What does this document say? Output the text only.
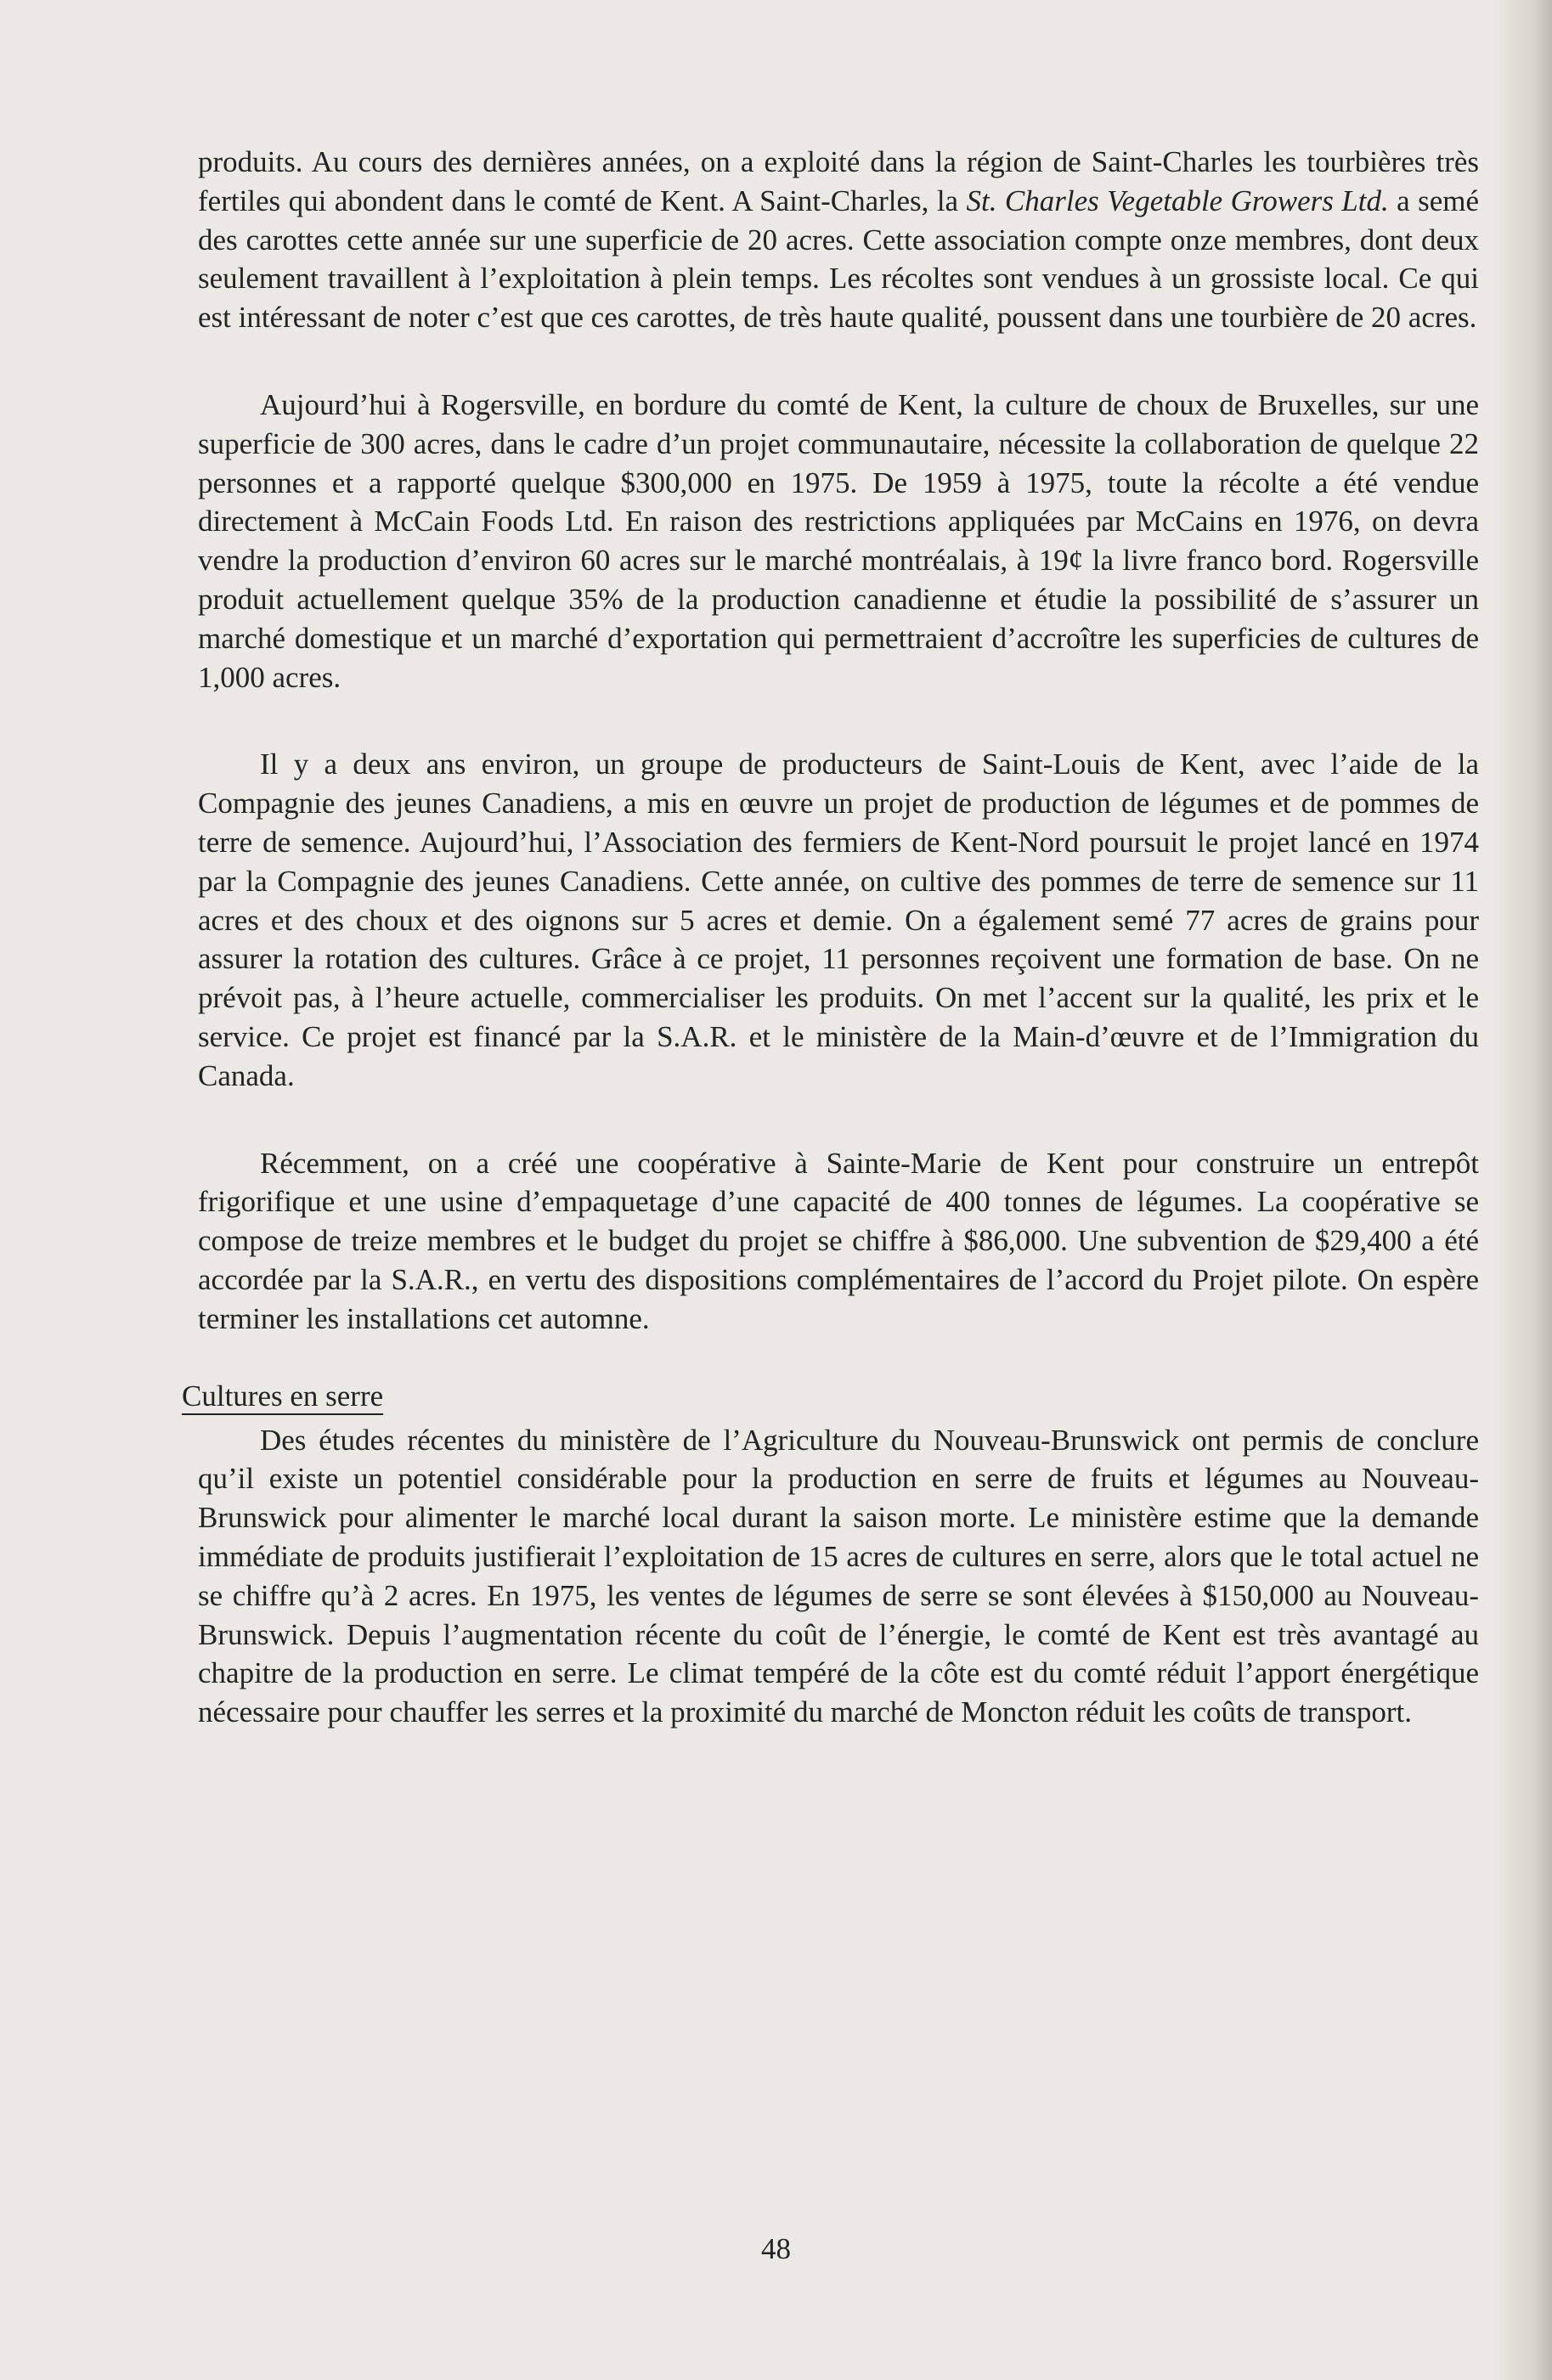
produits. Au cours des dernières années, on a exploité dans la région de Saint-Charles les tourbières très fertiles qui abondent dans le comté de Kent. A Saint-Charles, la St. Charles Vegetable Growers Ltd. a semé des carottes cette année sur une superficie de 20 acres. Cette association compte onze membres, dont deux seulement travaillent à l’exploitation à plein temps. Les récoltes sont vendues à un grossiste local. Ce qui est intéressant de noter c’est que ces carottes, de très haute qualité, poussent dans une tourbière de 20 acres.

Aujourd’hui à Rogersville, en bordure du comté de Kent, la culture de choux de Bruxelles, sur une superficie de 300 acres, dans le cadre d’un projet communautaire, nécessite la collaboration de quelque 22 personnes et a rapporté quelque $300,000 en 1975. De 1959 à 1975, toute la récolte a été vendue directement à McCain Foods Ltd. En raison des restrictions appliquées par McCains en 1976, on devra vendre la production d’environ 60 acres sur le marché montréalais, à 19¢ la livre franco bord. Rogersville produit actuellement quelque 35% de la production canadienne et étudie la possibilité de s’assurer un marché domestique et un marché d’exportation qui permettraient d’accroître les superficies de cultures de 1,000 acres.

Il y a deux ans environ, un groupe de producteurs de Saint-Louis de Kent, avec l’aide de la Compagnie des jeunes Canadiens, a mis en œuvre un projet de production de légumes et de pommes de terre de semence. Aujourd’hui, l’Association des fermiers de Kent-Nord poursuit le projet lancé en 1974 par la Compagnie des jeunes Canadiens. Cette année, on cultive des pommes de terre de semence sur 11 acres et des choux et des oignons sur 5 acres et demie. On a également semé 77 acres de grains pour assurer la rotation des cultures. Grâce à ce projet, 11 personnes reçoivent une formation de base. On ne prévoit pas, à l’heure actuelle, commercialiser les produits. On met l’accent sur la qualité, les prix et le service. Ce projet est financé par la S.A.R. et le ministère de la Main-d’œuvre et de l’Immigration du Canada.

Récemment, on a créé une coopérative à Sainte-Marie de Kent pour construire un entrepôt frigorifique et une usine d’empaquetage d’une capacité de 400 tonnes de légumes. La coopérative se compose de treize membres et le budget du projet se chiffre à $86,000. Une subvention de $29,400 a été accordée par la S.A.R., en vertu des dispositions complémentaires de l’accord du Projet pilote. On espère terminer les installations cet automne.

Cultures en serre

Des études récentes du ministère de l’Agriculture du Nouveau-Brunswick ont permis de conclure qu’il existe un potentiel considérable pour la production en serre de fruits et légumes au Nouveau-Brunswick pour alimenter le marché local durant la saison morte. Le ministère estime que la demande immédiate de produits justifierait l’exploitation de 15 acres de cultures en serre, alors que le total actuel ne se chiffre qu’à 2 acres. En 1975, les ventes de légumes de serre se sont élevées à $150,000 au Nouveau-Brunswick. Depuis l’augmentation récente du coût de l’énergie, le comté de Kent est très avantagé au chapitre de la production en serre. Le climat tempéré de la côte est du comté réduit l’apport énergétique nécessaire pour chauffer les serres et la proximité du marché de Moncton réduit les coûts de transport.

48
